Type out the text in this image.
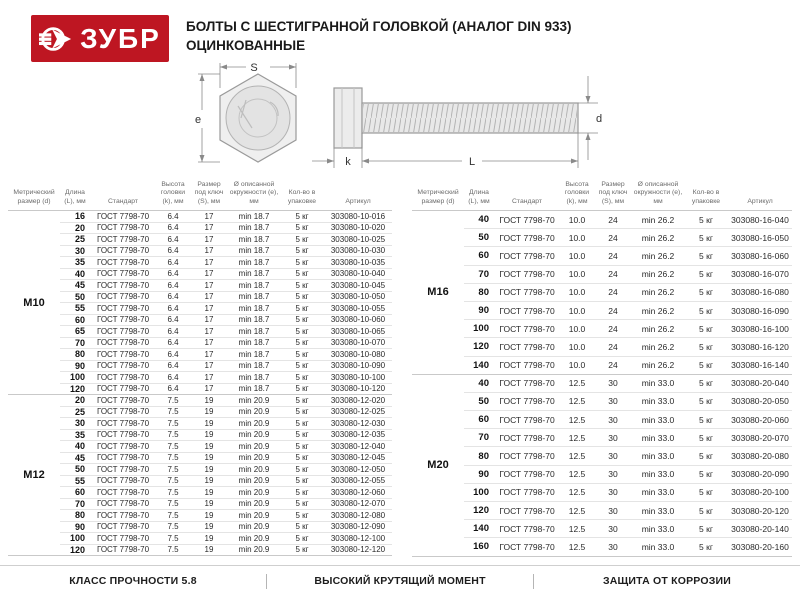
ЗУБР БОЛТЫ С ШЕСТИГРАННОЙ ГОЛОВКОЙ (АНАЛОГ DIN 933)
ОЦИНКОВАННЫЕ
S
e
k	L
d
Метрический размер (d)
Длина (L), мм	Стандарт
Высота головки (k), мм
Размер под ключ (S), мм
Ø описанной окружности (e), мм
Кол-во в упаковке	Артикул
M10
16	ГОСТ 7798-70	6.4	17	min 18.7	5 кг	303080-10-016
20	ГОСТ 7798-70	6.4	17	min 18.7	5 кг	303080-10-020
25	ГОСТ 7798-70	6.4	17	min 18.7	5 кг	303080-10-025
30	ГОСТ 7798-70	6.4	17	min 18.7	5 кг	303080-10-030
35	ГОСТ 7798-70	6.4	17	min 18.7	5 кг	303080-10-035
40	ГОСТ 7798-70	6.4	17	min 18.7	5 кг	303080-10-040
45	ГОСТ 7798-70	6.4	17	min 18.7	5 кг	303080-10-045
50	ГОСТ 7798-70	6.4	17	min 18.7	5 кг	303080-10-050
55	ГОСТ 7798-70	6.4	17	min 18.7	5 кг	303080-10-055
60	ГОСТ 7798-70	6.4	17	min 18.7	5 кг	303080-10-060
65	ГОСТ 7798-70	6.4	17	min 18.7	5 кг	303080-10-065
70	ГОСТ 7798-70	6.4	17	min 18.7	5 кг	303080-10-070
80	ГОСТ 7798-70	6.4	17	min 18.7	5 кг	303080-10-080
90	ГОСТ 7798-70	6.4	17	min 18.7	5 кг	303080-10-090
100	ГОСТ 7798-70	6.4	17	min 18.7	5 кг	303080-10-100
120	ГОСТ 7798-70	6.4	17	min 18.7	5 кг	303080-10-120
M12
20	ГОСТ 7798-70	7.5	19	min 20.9	5 кг	303080-12-020
25	ГОСТ 7798-70	7.5	19	min 20.9	5 кг	303080-12-025
30	ГОСТ 7798-70	7.5	19	min 20.9	5 кг	303080-12-030
35	ГОСТ 7798-70	7.5	19	min 20.9	5 кг	303080-12-035
40	ГОСТ 7798-70	7.5	19	min 20.9	5 кг	303080-12-040
45	ГОСТ 7798-70	7.5	19	min 20.9	5 кг	303080-12-045
50	ГОСТ 7798-70	7.5	19	min 20.9	5 кг	303080-12-050
55	ГОСТ 7798-70	7.5	19	min 20.9	5 кг	303080-12-055
60	ГОСТ 7798-70	7.5	19	min 20.9	5 кг	303080-12-060
70	ГОСТ 7798-70	7.5	19	min 20.9	5 кг	303080-12-070
80	ГОСТ 7798-70	7.5	19	min 20.9	5 кг	303080-12-080
90	ГОСТ 7798-70	7.5	19	min 20.9	5 кг	303080-12-090
100	ГОСТ 7798-70	7.5	19	min 20.9	5 кг	303080-12-100
120	ГОСТ 7798-70	7.5	19	min 20.9	5 кг	303080-12-120
Метрический размер (d)
Длина (L), мм	Стандарт
Высота головки (k), мм
Размер под ключ (S), мм
Ø описанной окружности (e), мм
Кол-во в упаковке	Артикул
M16
40	ГОСТ 7798-70	10.0	24	min 26.2	5 кг	303080-16-040
50	ГОСТ 7798-70	10.0	24	min 26.2	5 кг	303080-16-050
60	ГОСТ 7798-70	10.0	24	min 26.2	5 кг	303080-16-060
70	ГОСТ 7798-70	10.0	24	min 26.2	5 кг	303080-16-070
80	ГОСТ 7798-70	10.0	24	min 26.2	5 кг	303080-16-080
90	ГОСТ 7798-70	10.0	24	min 26.2	5 кг	303080-16-090
100	ГОСТ 7798-70	10.0	24	min 26.2	5 кг	303080-16-100
120	ГОСТ 7798-70	10.0	24	min 26.2	5 кг	303080-16-120
140	ГОСТ 7798-70	10.0	24	min 26.2	5 кг	303080-16-140
M20
40	ГОСТ 7798-70	12.5	30	min 33.0	5 кг	303080-20-040
50	ГОСТ 7798-70	12.5	30	min 33.0	5 кг	303080-20-050
60	ГОСТ 7798-70	12.5	30	min 33.0	5 кг	303080-20-060
70	ГОСТ 7798-70	12.5	30	min 33.0	5 кг	303080-20-070
80	ГОСТ 7798-70	12.5	30	min 33.0	5 кг	303080-20-080
90	ГОСТ 7798-70	12.5	30	min 33.0	5 кг	303080-20-090
100	ГОСТ 7798-70	12.5	30	min 33.0	5 кг	303080-20-100
120	ГОСТ 7798-70	12.5	30	min 33.0	5 кг	303080-20-120
140	ГОСТ 7798-70	12.5	30	min 33.0	5 кг	303080-20-140
160	ГОСТ 7798-70	12.5	30	min 33.0	5 кг	303080-20-160
КЛАСС ПРОЧНОСТИ 5.8	ВЫСОКИЙ КРУТЯЩИЙ МОМЕНТ	ЗАЩИТА ОТ КОРРОЗИИ
